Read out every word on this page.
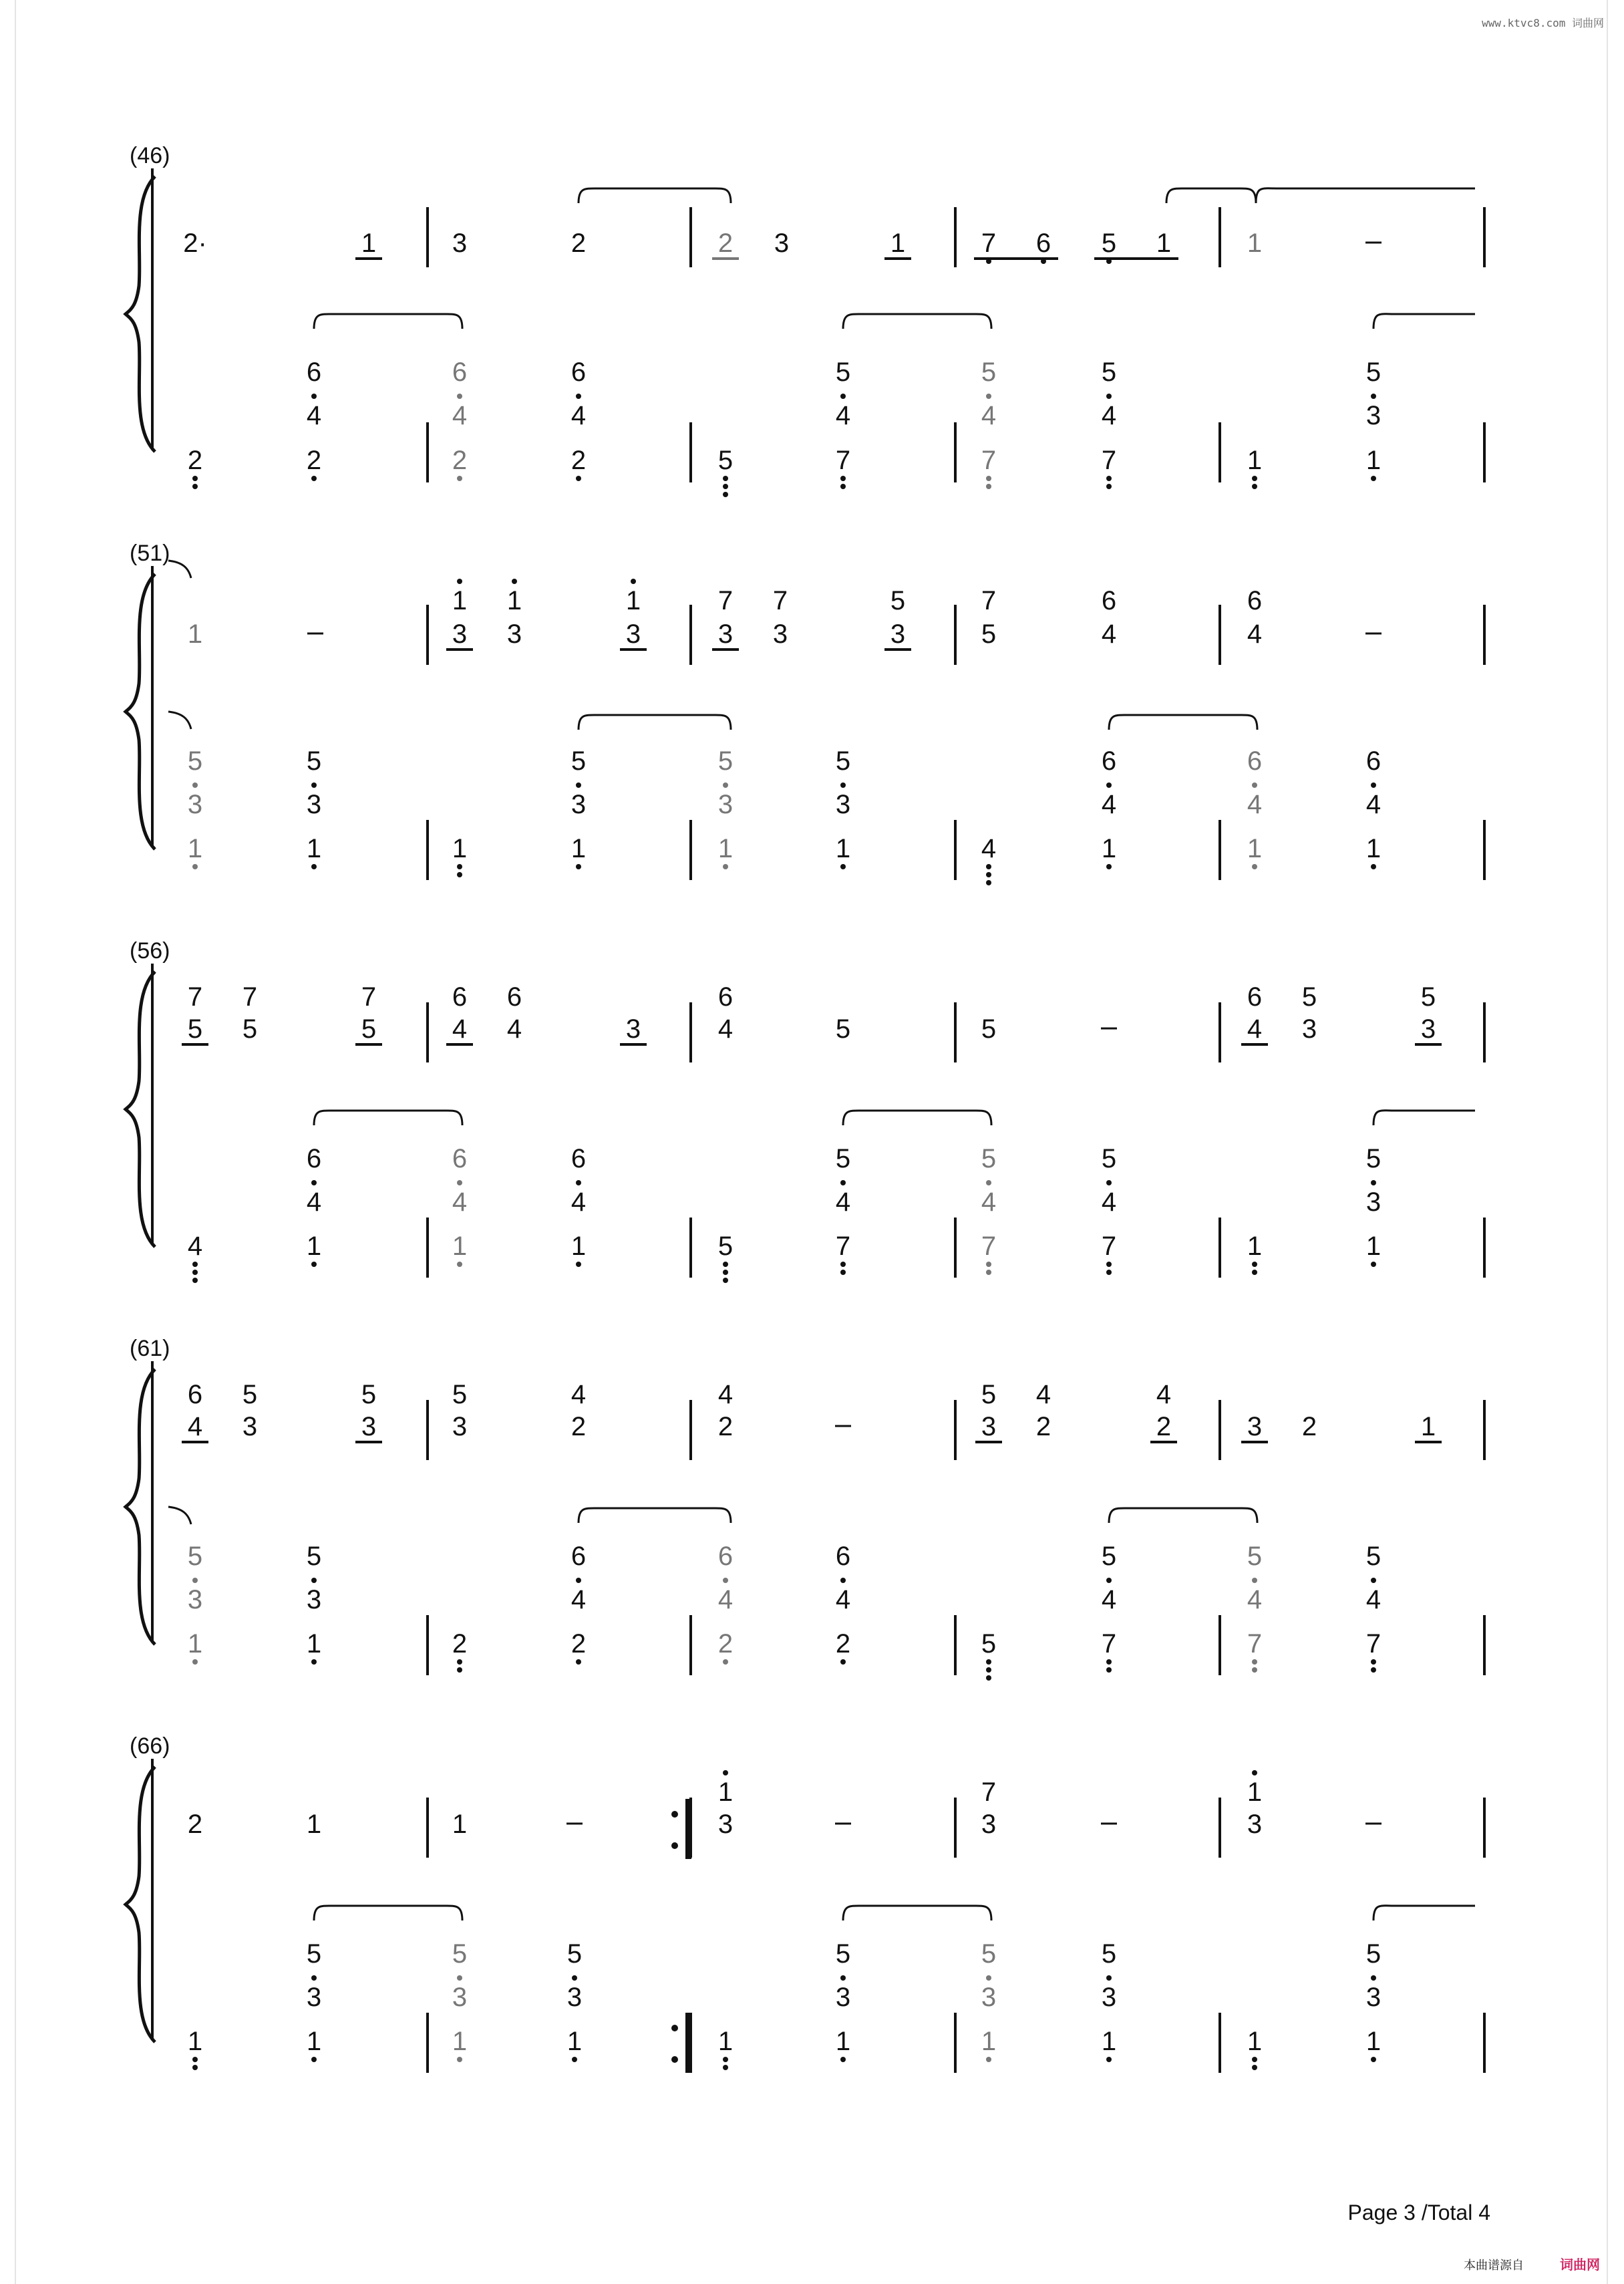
www.ktvc8.com 词曲网
Page 3 /Total 4
本曲谱源自	词曲网
(46)
2·	1	3	2	2 3	1	7 6 5 1	1
6
4
2
6
4
2
6
4
2
2	5
5
4
7
5
4
7
5
4
7	1
5
3
1
(51)
1
1
3
1
3
1
3
7
3
7
3
5
3
7
5
6
4
6
4
5
3
1
5
3
1	1
5
3
1
5
3
1
5
3
1	4
6
4
1
6
4
1
6
4
1
(56)
7
5
7
5
7
5
6
4
6
4	3
6
4	5	5
6
4
5
3
5
3
4
6
4
1
6
4
1
6
4
1	5
5
4
7
5
4
7
5
4
7	1
5
3
1
(61)
6
4
5
3
5
3
5
3
4
2
4
2
5
3
4
2
4
2	3 2	1
5
3
1
5
3
1	2
6
4
2
6
4
2
6
4
2	5
5
4
7
5
4
7
5
4
7
(66)
2	1	1
1
3
7
3
1
3
1
5
3
1
5
3
1
5
3
1	1
5
3
1
5
3
1
5
3
1	1
5
3
1
